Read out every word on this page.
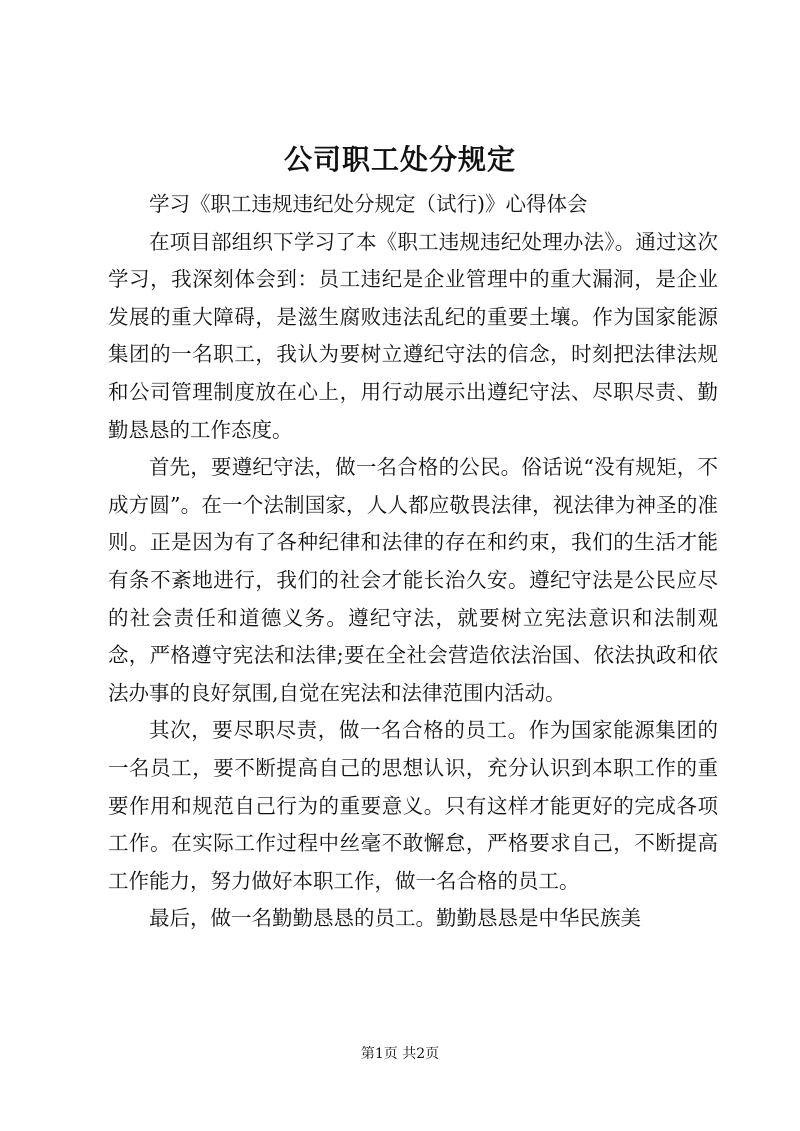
公司职工处分规定

学习《职工违规违纪处分规定（试行)》心得体会

在项目部组织下学习了本《职工违规违纪处理办法》。通过这次学习，我深刻体会到：员工违纪是企业管理中的重大漏洞，是企业发展的重大障碍，是滋生腐败违法乱纪的重要土壤。作为国家能源集团的一名职工，我认为要树立遵纪守法的信念，时刻把法律法规和公司管理制度放在心上，用行动展示出遵纪守法、尽职尽责、勤勤恳恳的工作态度。

首先，要遵纪守法，做一名合格的公民。俗话说“没有规矩，不成方圆”。在一个法制国家，人人都应敬畏法律，视法律为神圣的准则。正是因为有了各种纪律和法律的存在和约束，我们的生活才能有条不紊地进行，我们的社会才能长治久安。遵纪守法是公民应尽的社会责任和道德义务。遵纪守法，就要树立宪法意识和法制观念，严格遵守宪法和法律;要在全社会营造依法治国、依法执政和依法办事的良好氛围,自觉在宪法和法律范围内活动。

其次，要尽职尽责，做一名合格的员工。作为国家能源集团的一名员工，要不断提高自己的思想认识，充分认识到本职工作的重要作用和规范自己行为的重要意义。只有这样才能更好的完成各项工作。在实际工作过程中丝毫不敢懈怠，严格要求自己，不断提高工作能力，努力做好本职工作，做一名合格的员工。

最后，做一名勤勤恳恳的员工。勤勤恳恳是中华民族美

第1页 共2页
